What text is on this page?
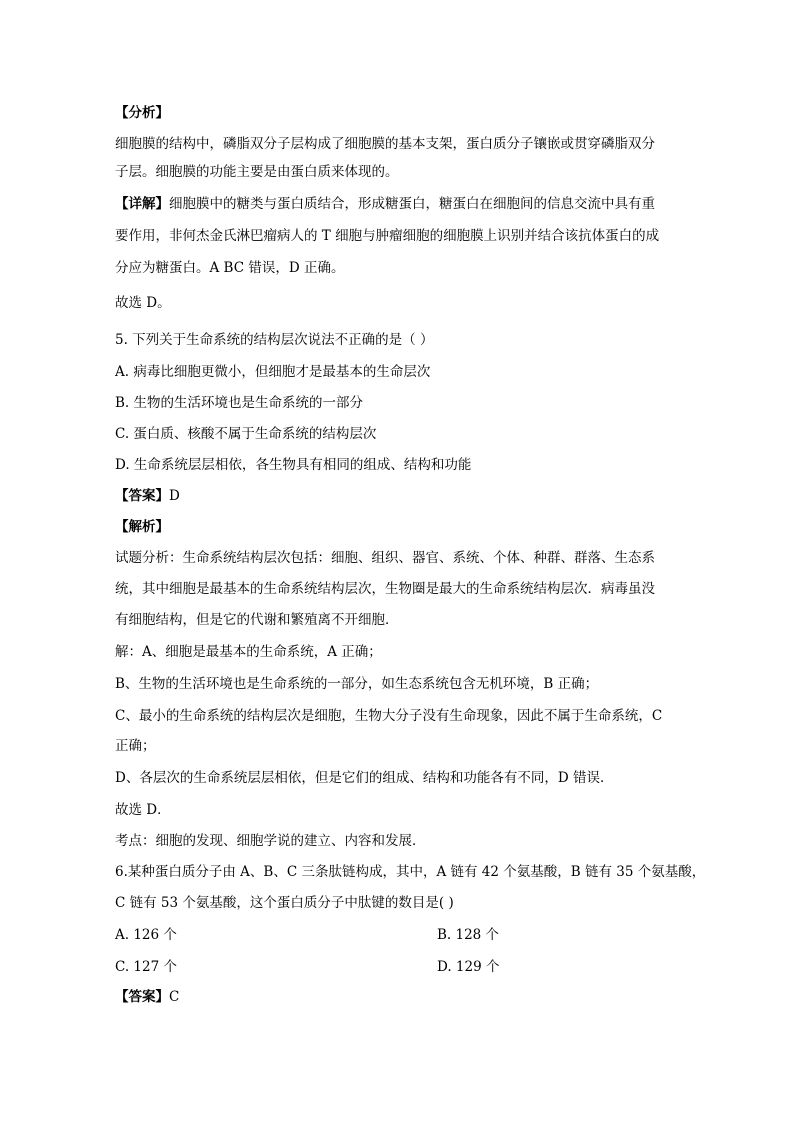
【分析】
细胞膜的结构中，磷脂双分子层构成了细胞膜的基本支架，蛋白质分子镶嵌或贯穿磷脂双分
子层。细胞膜的功能主要是由蛋白质来体现的。
【详解】细胞膜中的糖类与蛋白质结合，形成糖蛋白，糖蛋白在细胞间的信息交流中具有重
要作用，非何杰金氏淋巴瘤病人的 T 细胞与肿瘤细胞的细胞膜上识别并结合该抗体蛋白的成
分应为糖蛋白。A BC 错误，D 正确。
故选 D。
5. 下列关于生命系统的结构层次说法不正确的是（ ）
A. 病毒比细胞更微小，但细胞才是最基本的生命层次
B. 生物的生活环境也是生命系统的一部分
C. 蛋白质、核酸不属于生命系统的结构层次
D. 生命系统层层相依，各生物具有相同的组成、结构和功能
【答案】D
【解析】
试题分析：生命系统结构层次包括：细胞、组织、器官、系统、个体、种群、群落、生态系
统，其中细胞是最基本的生命系统结构层次，生物圈是最大的生命系统结构层次．病毒虽没
有细胞结构，但是它的代谢和繁殖离不开细胞．
解：A、细胞是最基本的生命系统，A 正确；
B、生物的生活环境也是生命系统的一部分，如生态系统包含无机环境，B 正确；
C、最小的生命系统的结构层次是细胞，生物大分子没有生命现象，因此不属于生命系统，C
正确；
D、各层次的生命系统层层相依，但是它们的组成、结构和功能各有不同，D 错误．
故选 D．
考点：细胞的发现、细胞学说的建立、内容和发展．
6.某种蛋白质分子由 A、B、C 三条肽链构成，其中，A 链有 42 个氨基酸，B 链有 35 个氨基酸，
C 链有 53 个氨基酸，这个蛋白质分子中肽键的数目是( )
A. 126 个	B. 128 个
C. 127 个	D. 129 个
【答案】C
